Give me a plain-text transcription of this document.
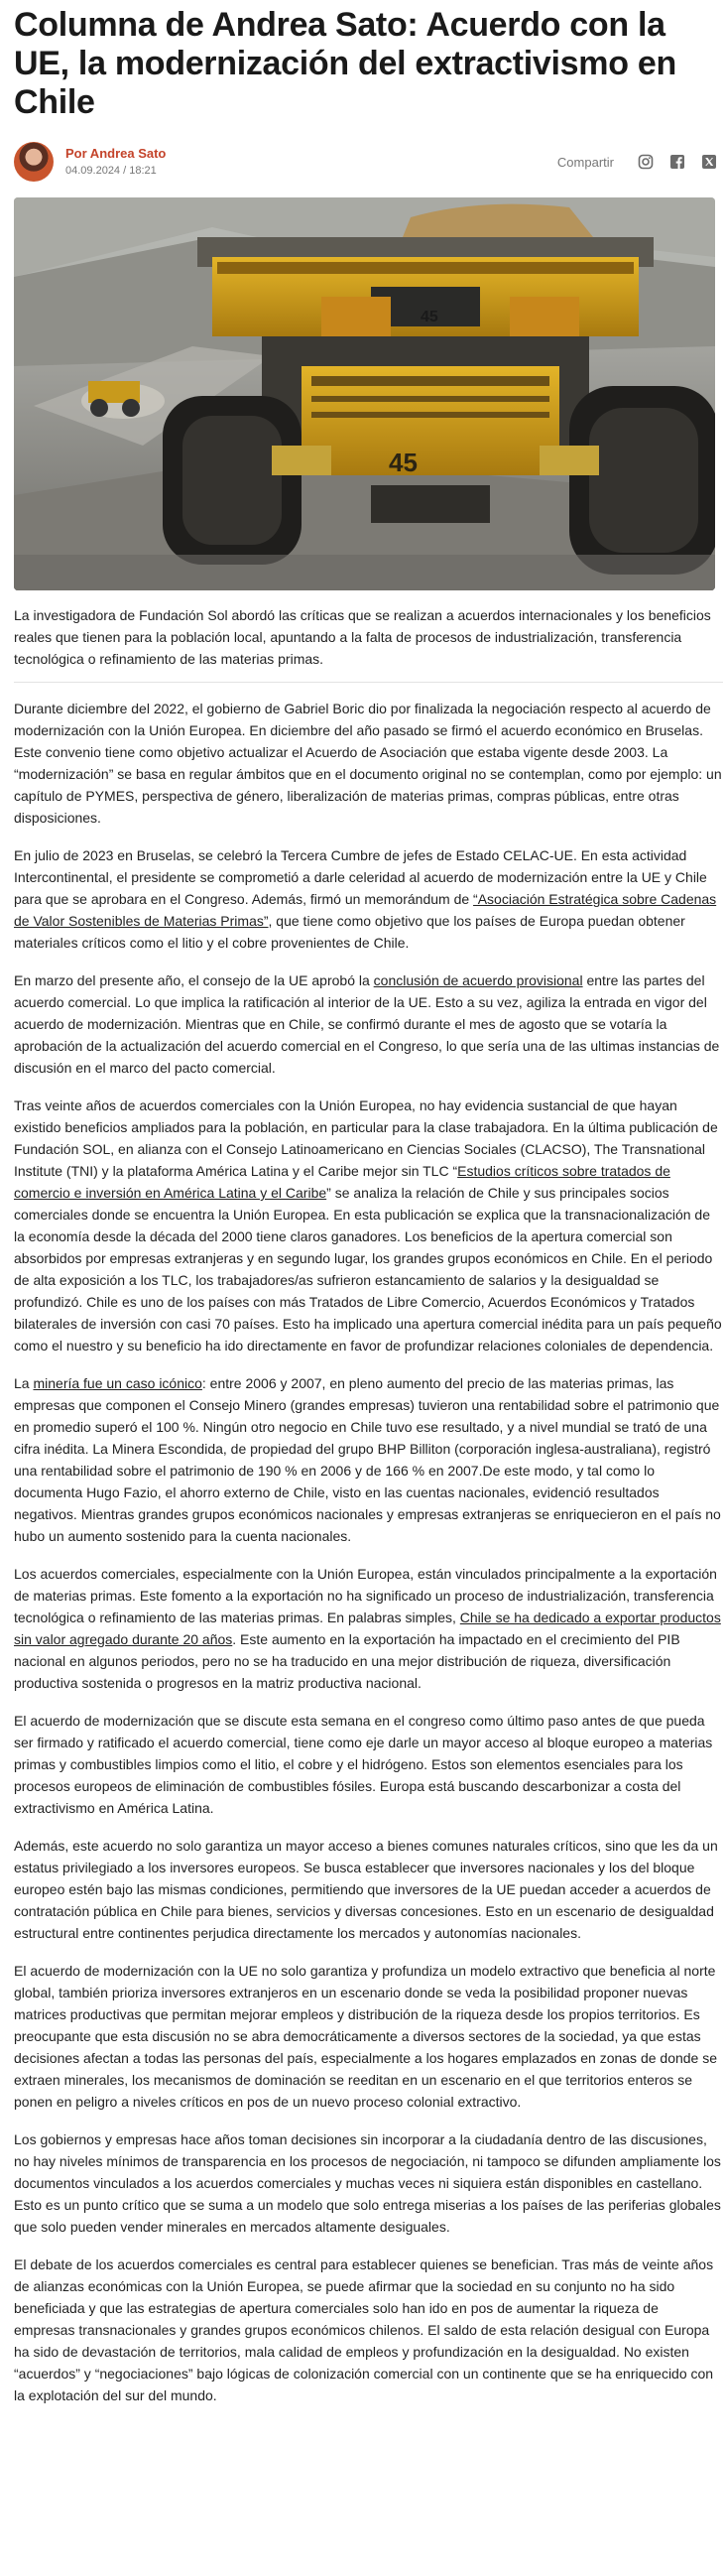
Columna de Andrea Sato: Acuerdo con la UE, la modernización del extractivismo en Chile
Por Andrea Sato
04.09.2024 / 18:21
Compartir
45
45

La investigadora de Fundación Sol abordó las críticas que se realizan a acuerdos internacionales y los beneficios reales que tienen para la población local, apuntando a la falta de procesos de industrialización, transferencia tecnológica o refinamiento de las materias primas.

Durante diciembre del 2022, el gobierno de Gabriel Boric dio por finalizada la negociación respecto al acuerdo de modernización con la Unión Europea. En diciembre del año pasado se firmó el acuerdo económico en Bruselas. Este convenio tiene como objetivo actualizar el Acuerdo de Asociación que estaba vigente desde 2003. La “modernización” se basa en regular ámbitos que en el documento original no se contemplan, como por ejemplo: un capítulo de PYMES, perspectiva de género, liberalización de materias primas, compras públicas, entre otras disposiciones.

En julio de 2023 en Bruselas, se celebró la Tercera Cumbre de jefes de Estado CELAC-UE. En esta actividad Intercontinental, el presidente se comprometió a darle celeridad al acuerdo de modernización entre la UE y Chile para que se aprobara en el Congreso. Además, firmó un memorándum de “Asociación Estratégica sobre Cadenas de Valor Sostenibles de Materias Primas”, que tiene como objetivo que los países de Europa puedan obtener materiales críticos como el litio y el cobre provenientes de Chile.

En marzo del presente año, el consejo de la UE aprobó la conclusión de acuerdo provisional entre las partes del acuerdo comercial. Lo que implica la ratificación al interior de la UE. Esto a su vez, agiliza la entrada en vigor del acuerdo de modernización. Mientras que en Chile, se confirmó durante el mes de agosto que se votaría la aprobación de la actualización del acuerdo comercial en el Congreso, lo que sería una de las ultimas instancias de discusión en el marco del pacto comercial.

Tras veinte años de acuerdos comerciales con la Unión Europea, no hay evidencia sustancial de que hayan existido beneficios ampliados para la población, en particular para la clase trabajadora. En la última publicación de Fundación SOL, en alianza con el Consejo Latinoamericano en Ciencias Sociales (CLACSO), The Transnational Institute (TNI) y la plataforma América Latina y el Caribe mejor sin TLC “Estudios críticos sobre tratados de comercio e inversión en América Latina y el Caribe” se analiza la relación de Chile y sus principales socios comerciales donde se encuentra la Unión Europea. En esta publicación se explica que la transnacionalización de la economía desde la década del 2000 tiene claros ganadores. Los beneficios de la apertura comercial son absorbidos por empresas extranjeras y en segundo lugar, los grandes grupos económicos en Chile. En el periodo de alta exposición a los TLC, los trabajadores/as sufrieron estancamiento de salarios y la desigualdad se profundizó. Chile es uno de los países con más Tratados de Libre Comercio, Acuerdos Económicos y Tratados bilaterales de inversión con casi 70 países. Esto ha implicado una apertura comercial inédita para un país pequeño como el nuestro y su beneficio ha ido directamente en favor de profundizar relaciones coloniales de dependencia.

La minería fue un caso icónico: entre 2006 y 2007, en pleno aumento del precio de las materias primas, las empresas que componen el Consejo Minero (grandes empresas) tuvieron una rentabilidad sobre el patrimonio que en promedio superó el 100 %. Ningún otro negocio en Chile tuvo ese resultado, y a nivel mundial se trató de una cifra inédita. La Minera Escondida, de propiedad del grupo BHP Billiton (corporación inglesa-australiana), registró una rentabilidad sobre el patrimonio de 190 % en 2006 y de 166 % en 2007.De este modo, y tal como lo documenta Hugo Fazio, el ahorro externo de Chile, visto en las cuentas nacionales, evidenció resultados negativos. Mientras grandes grupos económicos nacionales y empresas extranjeras se enriquecieron en el país no hubo un aumento sostenido para la cuenta nacionales.

Los acuerdos comerciales, especialmente con la Unión Europea, están vinculados principalmente a la exportación de materias primas. Este fomento a la exportación no ha significado un proceso de industrialización, transferencia tecnológica o refinamiento de las materias primas. En palabras simples, Chile se ha dedicado a exportar productos sin valor agregado durante 20 años. Este aumento en la exportación ha impactado en el crecimiento del PIB nacional en algunos periodos, pero no se ha traducido en una mejor distribución de riqueza, diversificación productiva sostenida o progresos en la matriz productiva nacional.

El acuerdo de modernización que se discute esta semana en el congreso como último paso antes de que pueda ser firmado y ratificado el acuerdo comercial, tiene como eje darle un mayor acceso al bloque europeo a materias primas y combustibles limpios como el litio, el cobre y el hidrógeno. Estos son elementos esenciales para los procesos europeos de eliminación de combustibles fósiles. Europa está buscando descarbonizar a costa del extractivismo en América Latina.

Además, este acuerdo no solo garantiza un mayor acceso a bienes comunes naturales críticos, sino que les da un estatus privilegiado a los inversores europeos. Se busca establecer que inversores nacionales y los del bloque europeo estén bajo las mismas condiciones, permitiendo que inversores de la UE puedan acceder a acuerdos de contratación pública en Chile para bienes, servicios y diversas concesiones. Esto en un escenario de desigualdad estructural entre continentes perjudica directamente los mercados y autonomías nacionales.

El acuerdo de modernización con la UE no solo garantiza y profundiza un modelo extractivo que beneficia al norte global, también prioriza inversores extranjeros en un escenario donde se veda la posibilidad proponer nuevas matrices productivas que permitan mejorar empleos y distribución de la riqueza desde los propios territorios. Es preocupante que esta discusión no se abra democráticamente a diversos sectores de la sociedad, ya que estas decisiones afectan a todas las personas del país, especialmente a los hogares emplazados en zonas de donde se extraen minerales, los mecanismos de dominación se reeditan en un escenario en el que territorios enteros se ponen en peligro a niveles críticos en pos de un nuevo proceso colonial extractivo.

Los gobiernos y empresas hace años toman decisiones sin incorporar a la ciudadanía dentro de las discusiones, no hay niveles mínimos de transparencia en los procesos de negociación, ni tampoco se difunden ampliamente los documentos vinculados a los acuerdos comerciales y muchas veces ni siquiera están disponibles en castellano. Esto es un punto crítico que se suma a un modelo que solo entrega miserias a los países de las periferias globales que solo pueden vender minerales en mercados altamente desiguales.

El debate de los acuerdos comerciales es central para establecer quienes se benefician. Tras más de veinte años de alianzas económicas con la Unión Europea, se puede afirmar que la sociedad en su conjunto no ha sido beneficiada y que las estrategias de apertura comerciales solo han ido en pos de aumentar la riqueza de empresas transnacionales y grandes grupos económicos chilenos. El saldo de esta relación desigual con Europa ha sido de devastación de territorios, mala calidad de empleos y profundización en la desigualdad. No existen “acuerdos” y “negociaciones” bajo lógicas de colonización comercial con un continente que se ha enriquecido con la explotación del sur del mundo.
